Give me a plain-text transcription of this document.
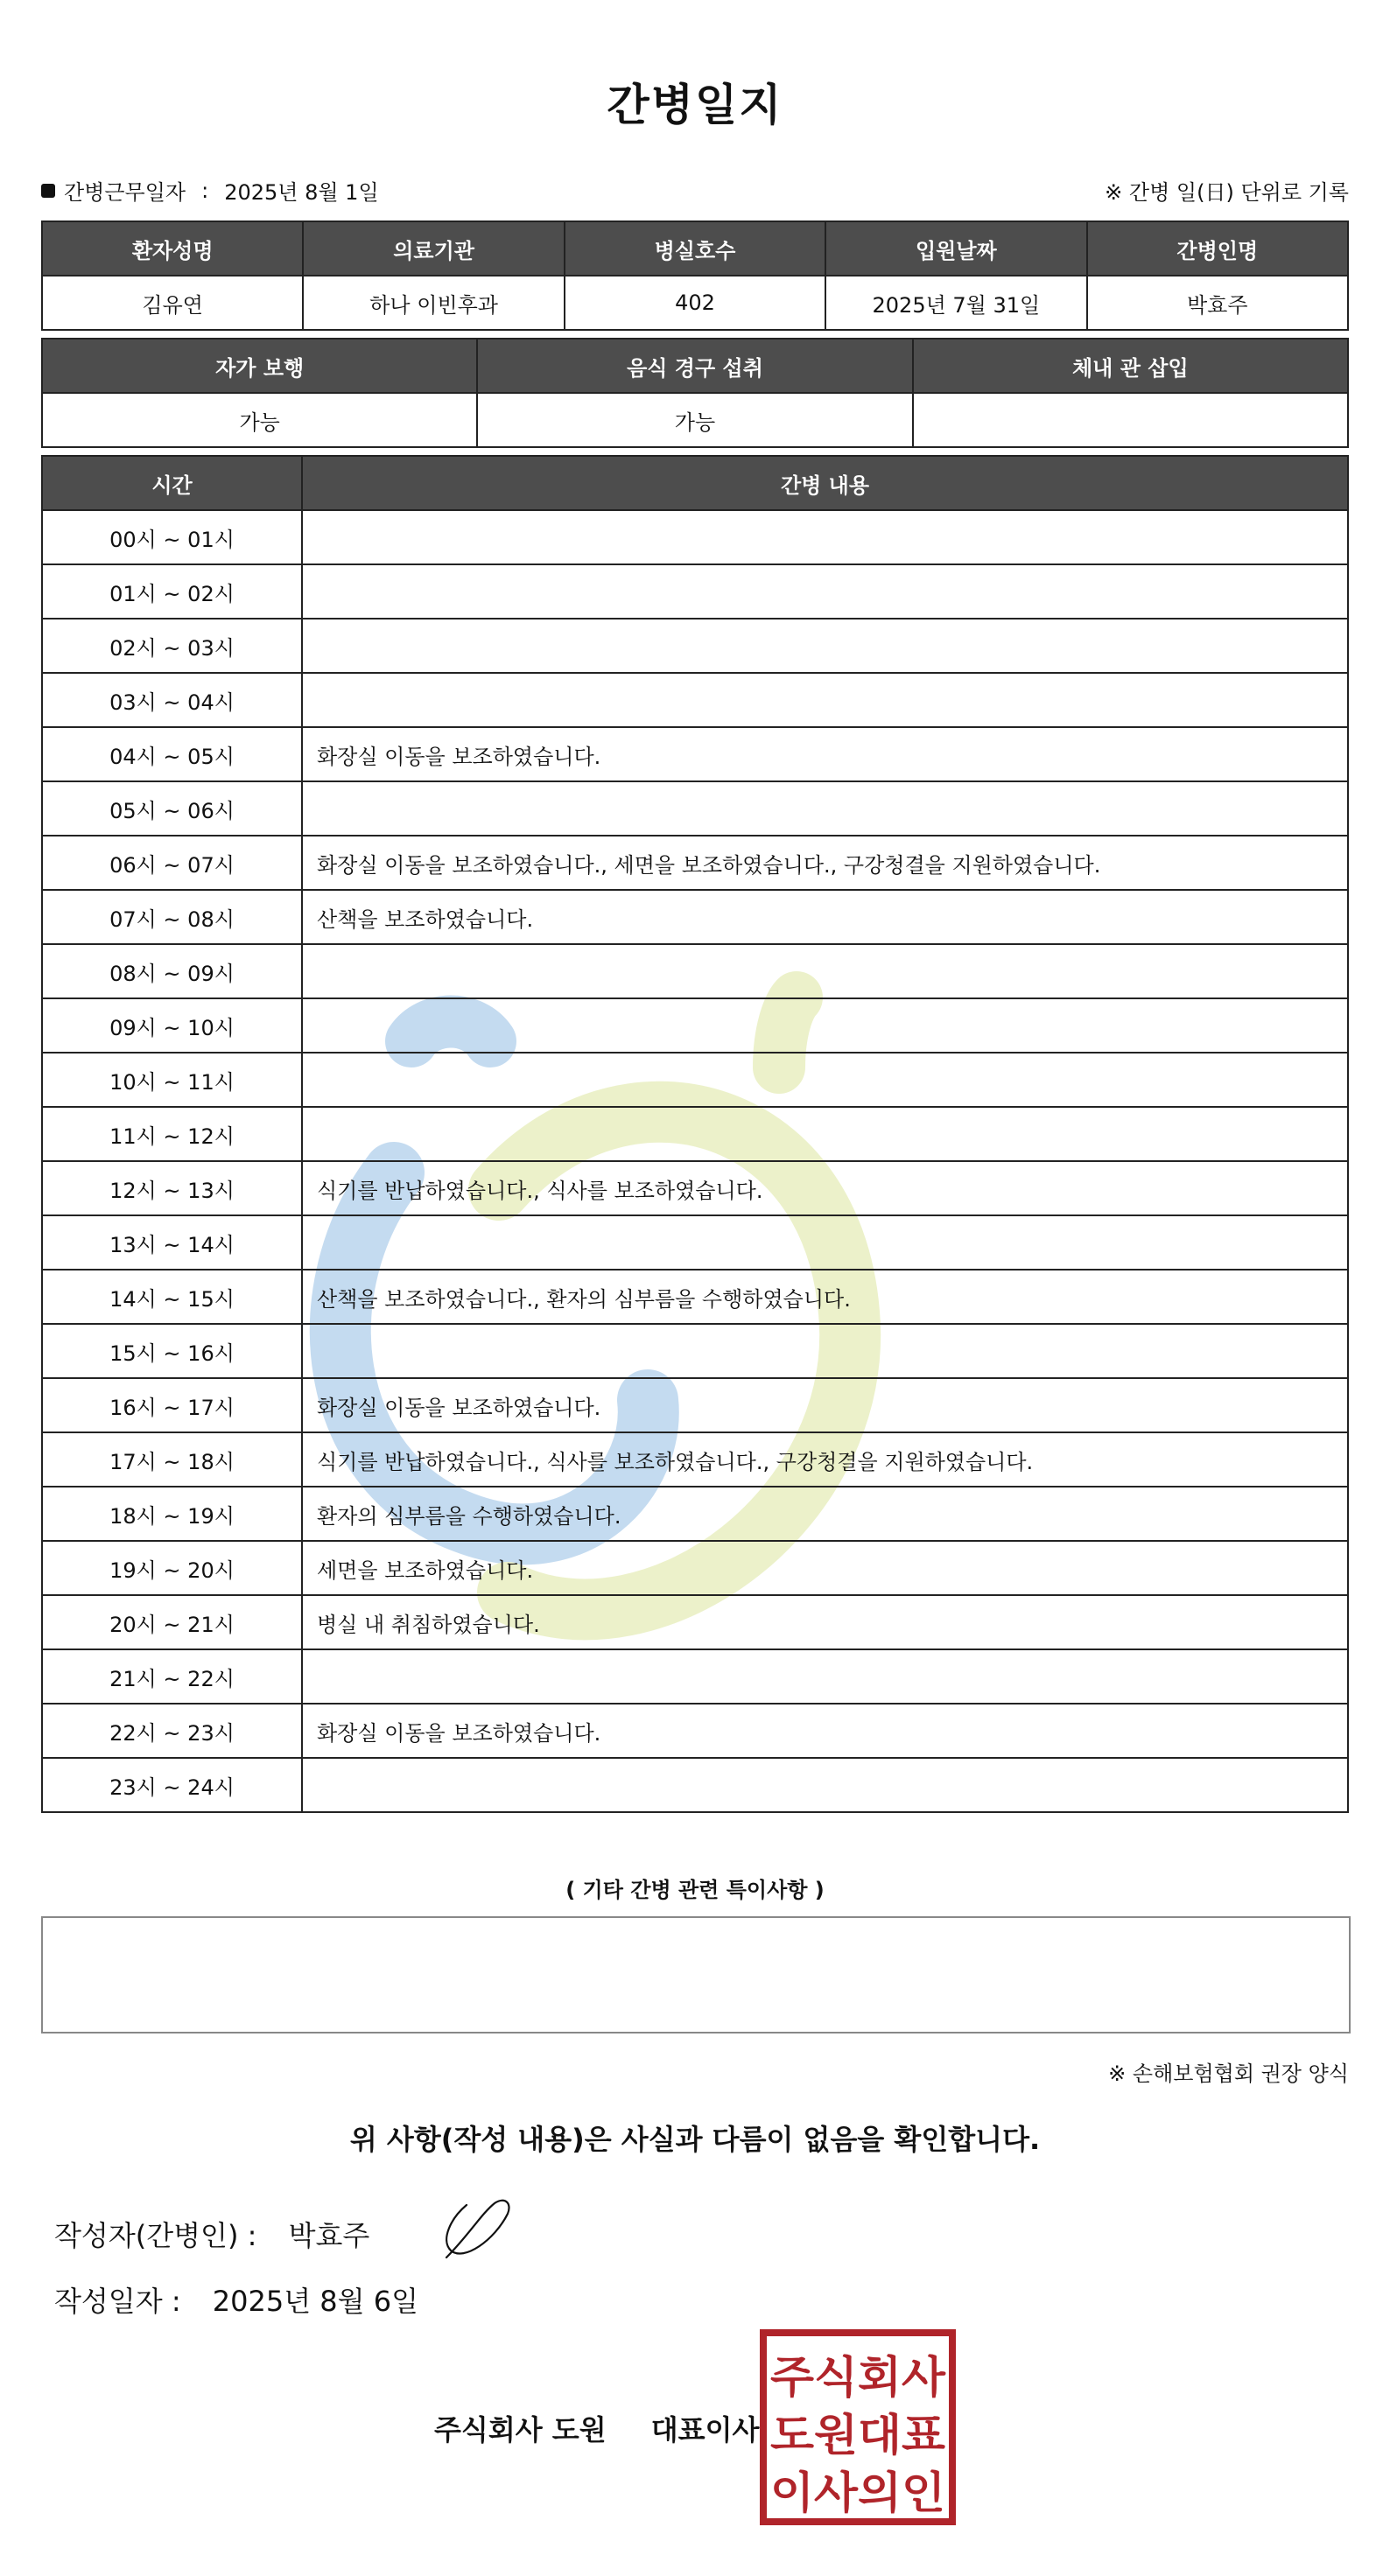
간병일지
간병근무일자 : 2025년 8월 1일	※ 간병 일(日) 단위로 기록
환자성명	의료기관	병실호수	입원날짜	간병인명
김유연	하나 이빈후과	402	2025년 7월 31일	박효주
자가 보행	음식 경구 섭취	체내 관 삽입
가능	가능	
시간	간병 내용
00시 ~ 01시	
01시 ~ 02시	
02시 ~ 03시	
03시 ~ 04시	
04시 ~ 05시	화장실 이동을 보조하였습니다.
05시 ~ 06시	
06시 ~ 07시	화장실 이동을 보조하였습니다., 세면을 보조하였습니다., 구강청결을 지원하였습니다.
07시 ~ 08시	산책을 보조하였습니다.
08시 ~ 09시	
09시 ~ 10시	
10시 ~ 11시	
11시 ~ 12시	
12시 ~ 13시	식기를 반납하였습니다., 식사를 보조하였습니다.
13시 ~ 14시	
14시 ~ 15시	산책을 보조하였습니다., 환자의 심부름을 수행하였습니다.
15시 ~ 16시	
16시 ~ 17시	화장실 이동을 보조하였습니다.
17시 ~ 18시	식기를 반납하였습니다., 식사를 보조하였습니다., 구강청결을 지원하였습니다.
18시 ~ 19시	환자의 심부름을 수행하였습니다.
19시 ~ 20시	세면을 보조하였습니다.
20시 ~ 21시	병실 내 취침하였습니다.
21시 ~ 22시	
22시 ~ 23시	화장실 이동을 보조하였습니다.
23시 ~ 24시	
( 기타 간병 관련 특이사항 )
※ 손해보험협회 권장 양식
위 사항(작성 내용)은 사실과 다름이 없음을 확인합니다.
작성자(간병인) : 박효주
작성일자 : 2025년 8월 6일
주식회사 도원 대표이사
주식회사
도원대표
이사의인
